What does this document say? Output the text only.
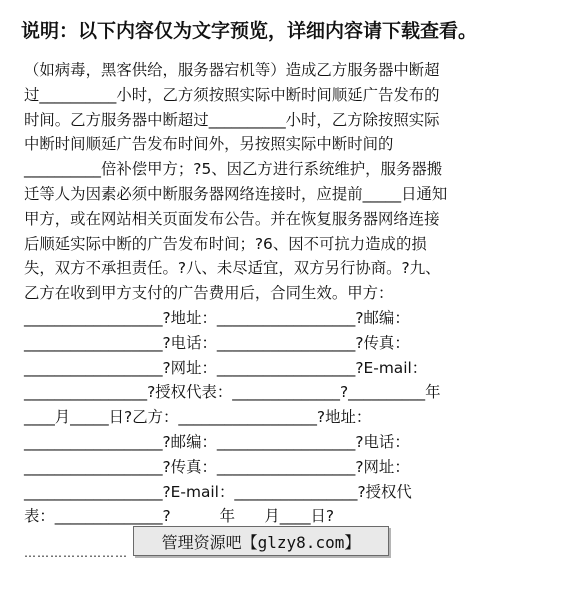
说明：以下内容仅为文字预览，详细内容请下载查看。
（如病毒，黑客供给，服务器宕机等）造成乙方服务器中断超
过__________小时，乙方须按照实际中断时间顺延广告发布的
时间。乙方服务器中断超过__________小时，乙方除按照实际
中断时间顺延广告发布时间外，另按照实际中断时间的
__________倍补偿甲方；?5、因乙方进行系统维护，服务器搬
迁等人为因素必须中断服务器网络连接时，应提前_____日通知
甲方，或在网站相关页面发布公告。并在恢复服务器网络连接
后顺延实际中断的广告发布时间；?6、因不可抗力造成的损
失，双方不承担责任。?八、未尽适宜，双方另行协商。?九、
乙方在收到甲方支付的广告费用后，合同生效。甲方：
__________________?地址：__________________?邮编：
__________________?电话：__________________?传真：
__________________?网址：__________________?E-mail：
________________?授权代表：______________?__________年
____月_____日?乙方：__________________?地址：
__________________?邮编：__________________?电话：
__________________?传真：__________________?网址：
__________________?E-mail：________________?授权代
表：______________?          年      月____日?
……………………
管理资源吧【glzy8.com】
